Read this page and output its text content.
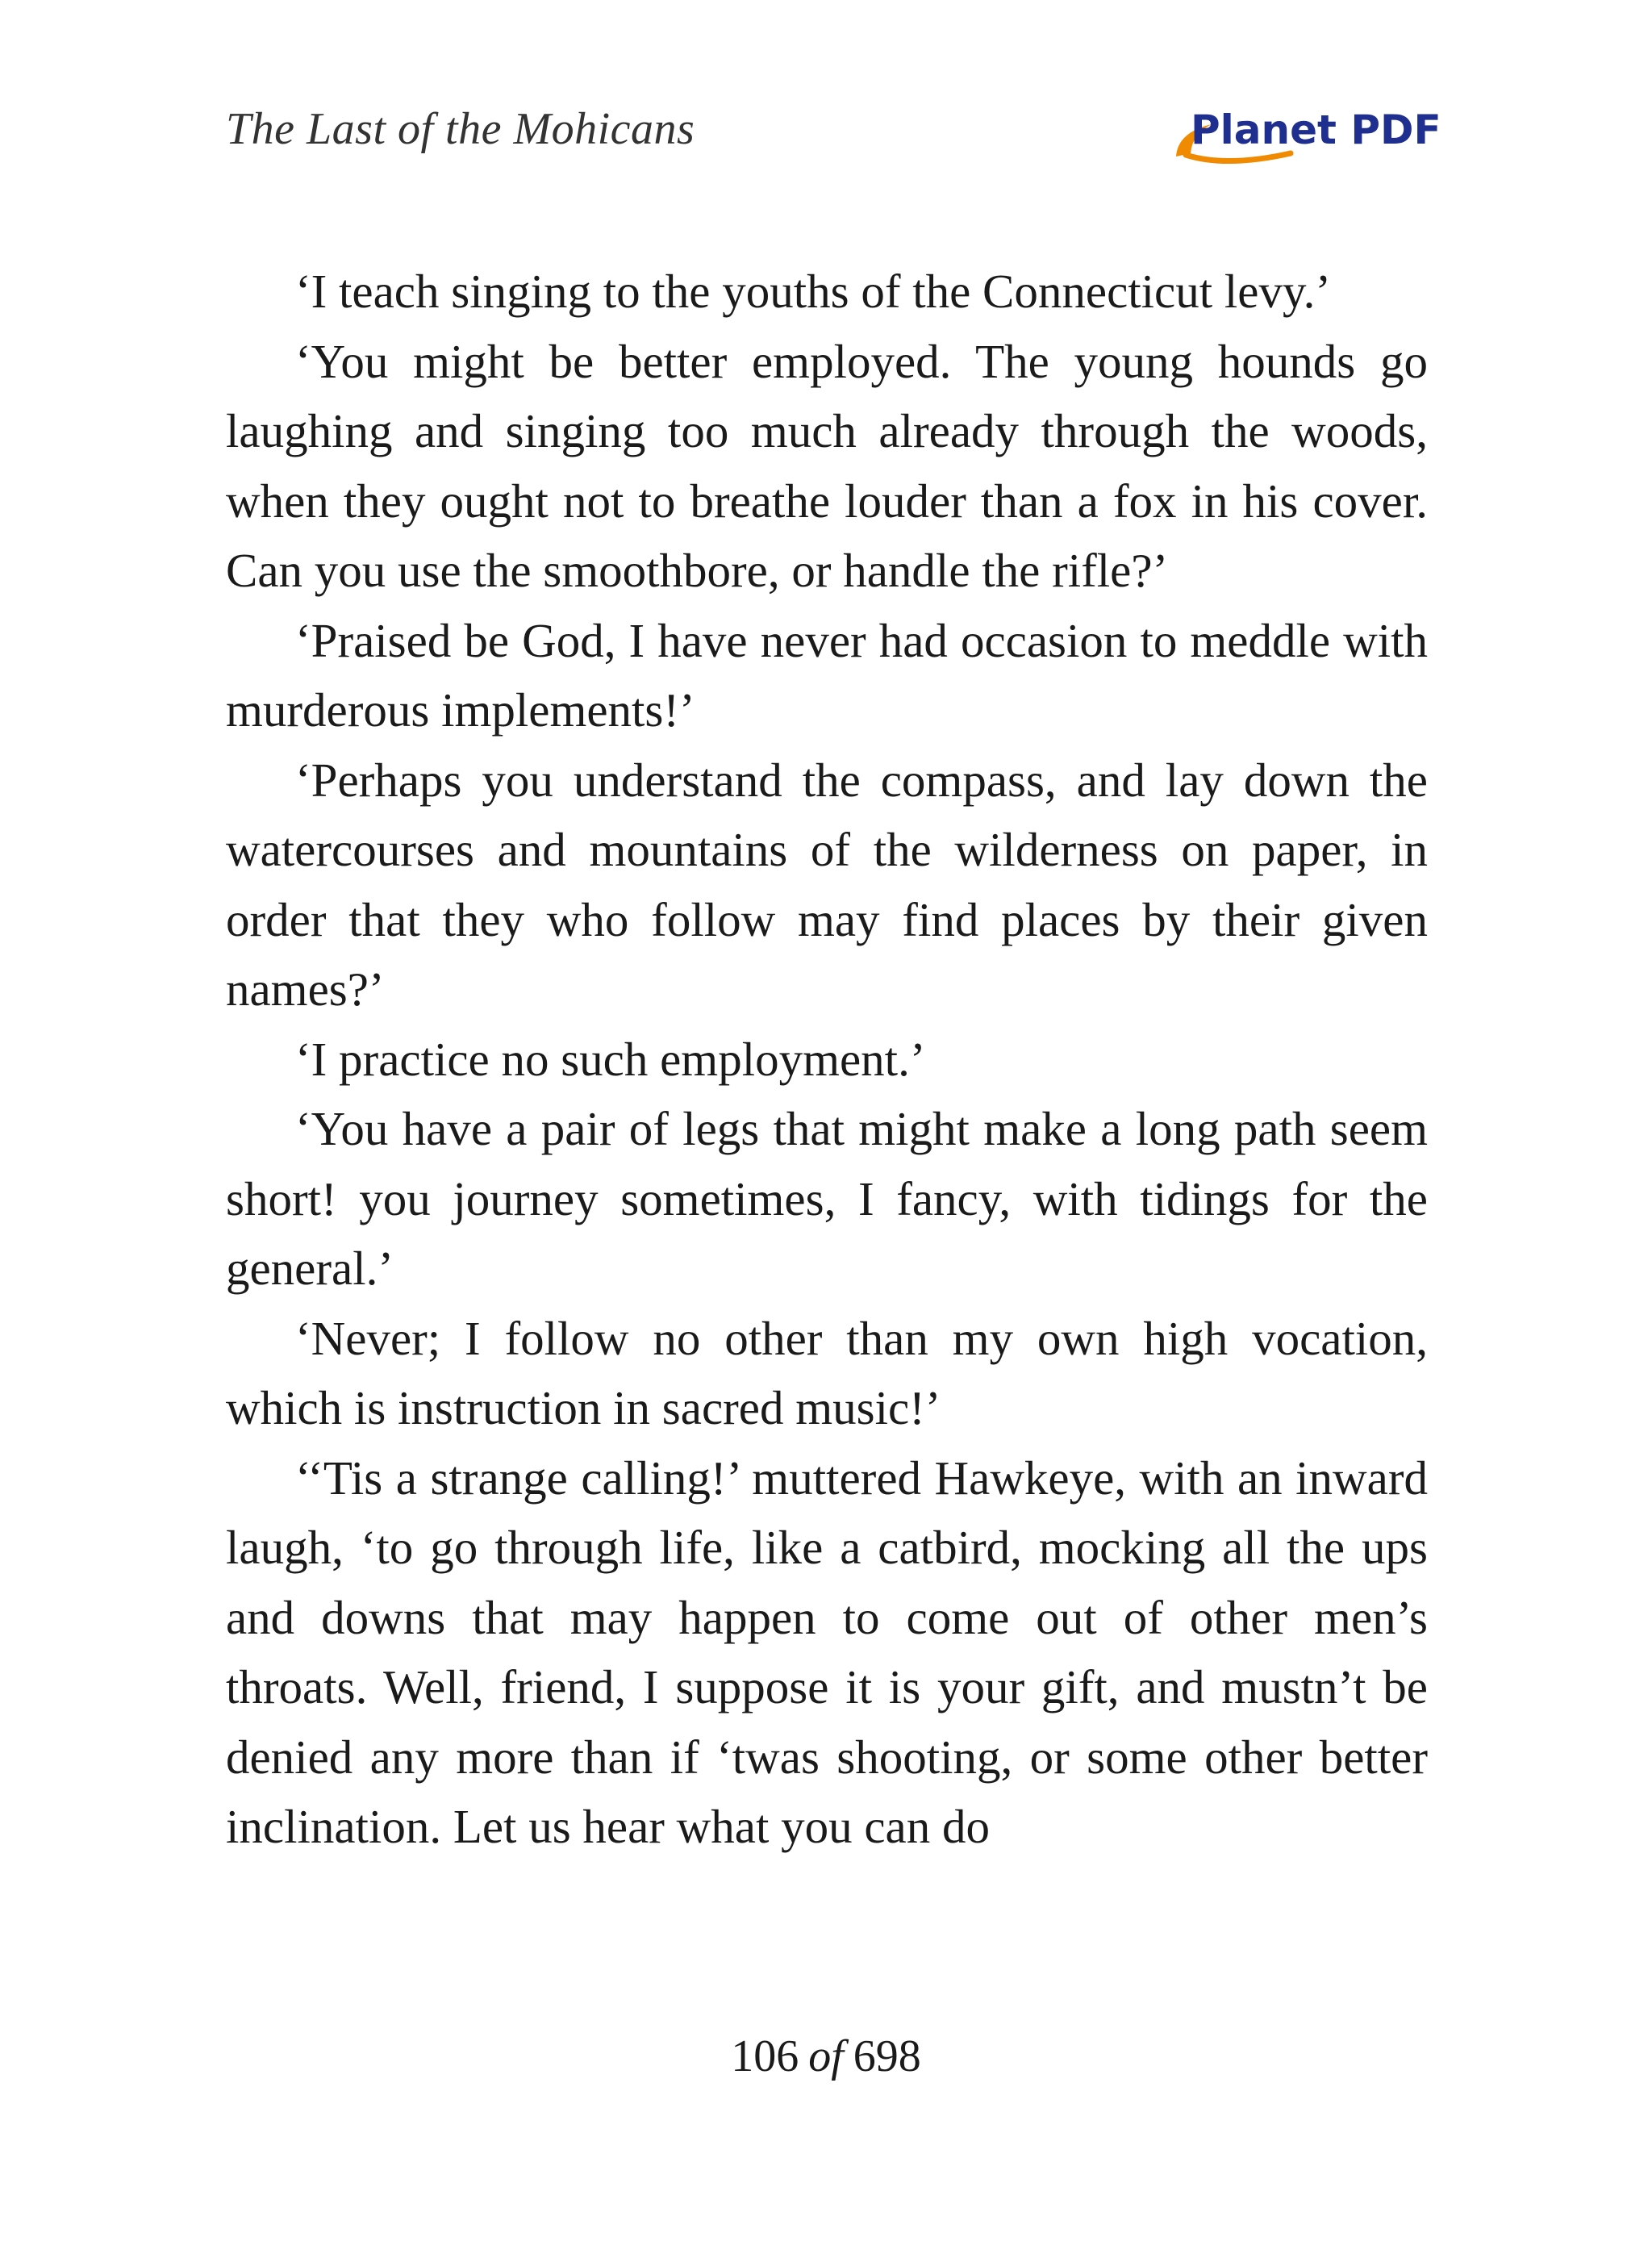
The Last of the Mohicans	Planet PDF

‘I teach singing to the youths of the Connecticut levy.’

‘You might be better employed. The young hounds go laughing and singing too much already through the woods, when they ought not to breathe louder than a fox in his cover. Can you use the smoothbore, or handle the rifle?’

‘Praised be God, I have never had occasion to meddle with murderous implements!’

‘Perhaps you understand the compass, and lay down the watercourses and mountains of the wilderness on paper, in order that they who follow may find places by their given names?’

‘I practice no such employment.’

‘You have a pair of legs that might make a long path seem short! you journey sometimes, I fancy, with tidings for the general.’

‘Never; I follow no other than my own high vocation, which is instruction in sacred music!’

‘‘Tis a strange calling!’ muttered Hawkeye, with an inward laugh, ‘to go through life, like a catbird, mocking all the ups and downs that may happen to come out of other men’s throats. Well, friend, I suppose it is your gift, and mustn’t be denied any more than if ‘twas shooting, or some other better inclination. Let us hear what you can do

106 of 698
